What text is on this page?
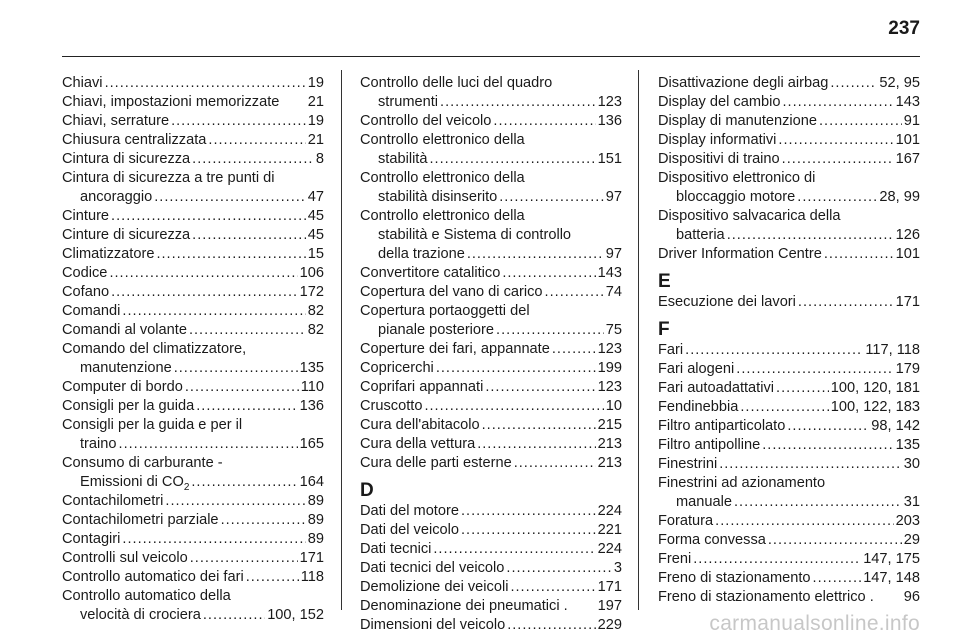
237
Chiavi .....	19
Chiavi, impostazioni memorizzate 21
Chiavi, serrature .....	19
Chiusura centralizzata .....	21
Cintura di sicurezza .....	8
Cintura di sicurezza a tre punti di
ancoraggio .....	47
Cinture .....	45
Cinture di sicurezza .....	45
Climatizzatore .....	15
Codice .....	106
Cofano .....	172
Comandi .....	82
Comandi al volante .....	82
Comando del climatizzatore,
manutenzione .....	135
Computer di bordo .....	110
Consigli per la guida .....	136
Consigli per la guida e per il
traino .....	165
Consumo di carburante -
Emissioni di $CO_2$ .....	164
Contachilometri .....	89
Contachilometri parziale .....	89
Contagiri .....	89
Controlli sul veicolo .....	171
Controllo automatico dei fari .....	118
Controllo automatico della
velocità di crociera .....	100, 152
Controllo delle luci del quadro
strumenti .....	123
Controllo del veicolo .....	136
Controllo elettronico della
stabilità .....	151
Controllo elettronico della
stabilità disinserito .....	97
Controllo elettronico della
stabilità e Sistema di controllo
della trazione .....	97
Convertitore catalitico .....	143
Copertura del vano di carico .....	74
Copertura portaoggetti del
pianale posteriore .....	75
Coperture dei fari, appannate .....	123
Copricerchi .....	199
Coprifari appannati .....	123
Cruscotto .....	10
Cura dell'abitacolo .....	215
Cura della vettura .....	213
Cura delle parti esterne .....	213
D
Dati del motore .....	224
Dati del veicolo .....	221
Dati tecnici .....	224
Dati tecnici del veicolo .....	3
Demolizione dei veicoli .....	171
Denominazione dei pneumatici . 197
Dimensioni del veicolo .....	229
Disattivazione degli airbag .....	52, 95
Display del cambio .....	143
Display di manutenzione .....	91
Display informativi .....	101
Dispositivi di traino .....	167
Dispositivo elettronico di
bloccaggio motore .....	28, 99
Dispositivo salvacarica della
batteria .....	126
Driver Information Centre .....	101
E
Esecuzione dei lavori .....	171
F
Fari .....	117, 118
Fari alogeni .....	179
Fari autoadattativi .....	100, 120, 181
Fendinebbia .....	100, 122, 183
Filtro antiparticolato .....	98, 142
Filtro antipolline .....	135
Finestrini .....	30
Finestrini ad azionamento
manuale .....	31
Foratura .....	203
Forma convessa .....	29
Freni .....	147, 175
Freno di stazionamento .....	147, 148
Freno di stazionamento elettrico . 96
carmanualsonline.info
